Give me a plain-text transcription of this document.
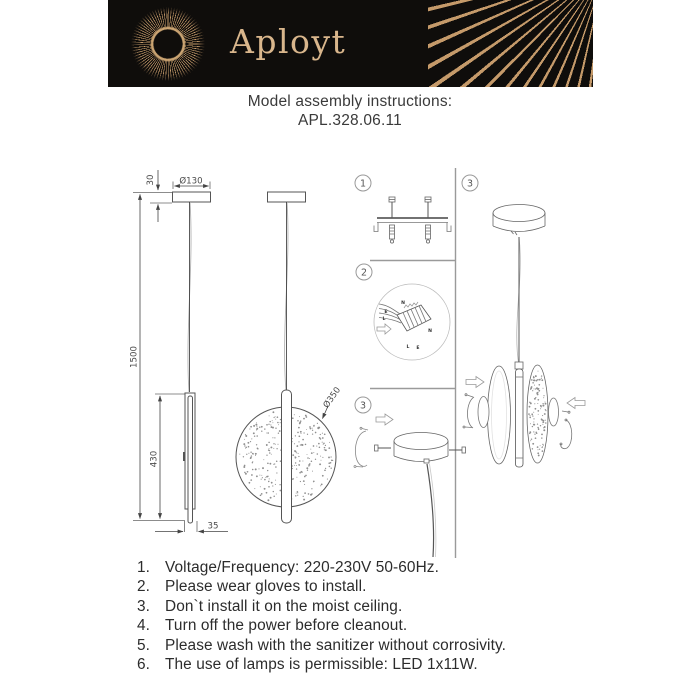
Aployt
Model assembly instructions:
APL.328.06.11
Ø130
30
1500
430
35
Ø350
1
2
3
3
N
E
L
N
L E
1. Voltage/Frequency: 220-230V 50-60Hz.
2. Please wear gloves to install.
3. Don`t install it on the moist ceiling.
4. Turn off the power before cleanout.
5. Please wash with the sanitizer without corrosivity.
6. The use of lamps is permissible: LED 1x11W.
